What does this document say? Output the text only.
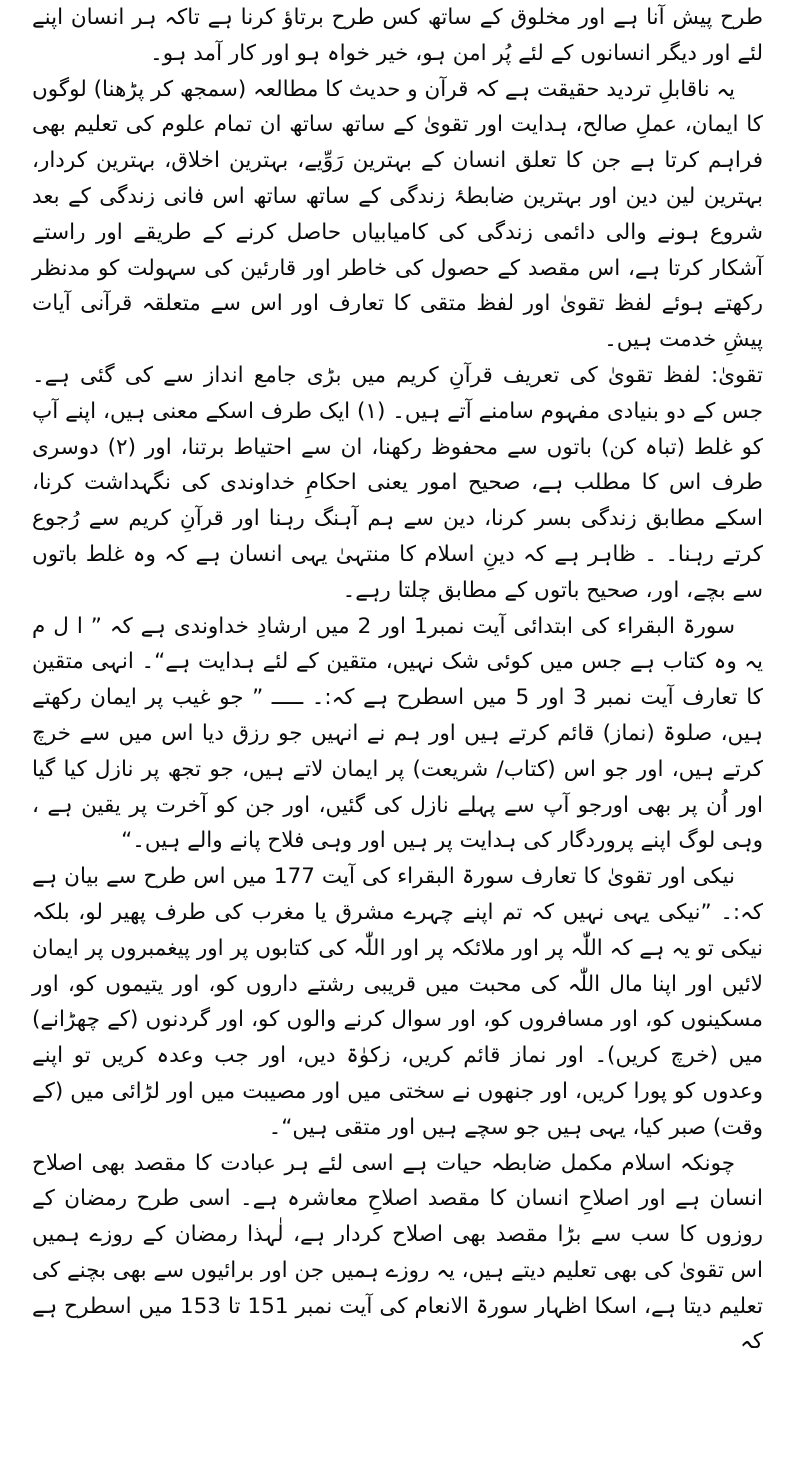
طرح پیش آنا ہے اور مخلوق کے ساتھ کس طرح برتاؤ کرنا ہے تاکہ ہر انسان اپنے لئے اور دیگر انسانوں کے لئے پُر امن ہو، خیر خواہ ہو اور کار آمد ہو۔

یہ ناقابلِ تردید حقیقت ہے کہ قرآن و حدیث کا مطالعہ (سمجھ کر پڑھنا) لوگوں کا ایمان، عملِ صالح، ہدایت اور تقویٰ کے ساتھ ساتھ ان تمام علوم کی تعلیم بھی فراہم کرتا ہے جن کا تعلق انسان کے بہترین رَوِّیے، بہترین اخلاق، بہترین کردار، بہترین لین دین اور بہترین ضابطۂ زندگی کے ساتھ ساتھ اس فانی زندگی کے بعد شروع ہونے والی دائمی زندگی کی کامیابیاں حاصل کرنے کے طریقے اور راستے آشکار کرتا ہے، اس مقصد کے حصول کی خاطر اور قارئین کی سہولت کو مدنظر رکھتے ہوئے لفظ تقویٰ اور لفظ متقی کا تعارف اور اس سے متعلقہ قرآنی آیات پیشِ خدمت ہیں۔

تقویٰ: لفظ تقویٰ کی تعریف قرآنِ کریم میں بڑی جامع انداز سے کی گئی ہے۔ جس کے دو بنیادی مفہوم سامنے آتے ہیں۔ (۱) ایک طرف اسکے معنی ہیں، اپنے آپ کو غلط (تباہ کن) باتوں سے محفوظ رکھنا، ان سے احتیاط برتنا، اور (۲) دوسری طرف اس کا مطلب ہے، صحیح امور یعنی احکامِ خداوندی کی نگہداشت کرنا، اسکے مطابق زندگی بسر کرنا، دین سے ہم آہنگ رہنا اور قرآنِ کریم سے رُجوع کرتے رہنا۔ ۔ ظاہر ہے کہ دینِ اسلام کا منتہیٰ یہی انسان ہے کہ وہ غلط باتوں سے بچے، اور، صحیح باتوں کے مطابق چلتا رہے۔

سورۃ البقراء کی ابتدائی آیت نمبر1 اور 2 میں ارشادِ خداوندی ہے کہ ” ا ل م یہ وہ کتاب ہے جس میں کوئی شک نہیں، متقین کے لئے ہدایت ہے“۔ انہی متقین کا تعارف آیت نمبر 3 اور 5 میں اسطرح ہے کہ:۔ ـــــ ” جو غیب پر ایمان رکھتے ہیں، صلوۃ (نماز) قائم کرتے ہیں اور ہم نے انہیں جو رزق دیا اس میں سے خرچ کرتے ہیں، اور جو اس (کتاب/ شریعت) پر ایمان لاتے ہیں، جو تجھ پر نازل کیا گیا اور اُن پر بھی اورجو آپ سے پہلے نازل کی گئیں، اور جن کو آخرت پر یقین ہے ، وہی لوگ اپنے پروردگار کی ہدایت پر ہیں اور وہی فلاح پانے والے ہیں۔“

نیکی اور تقویٰ کا تعارف سورۃ البقراء کی آیت 177 میں اس طرح سے بیان ہے کہ:۔ ”نیکی یہی نہیں کہ تم اپنے چہرے مشرق یا مغرب کی طرف پھیر لو، بلکہ نیکی تو یہ ہے کہ اللّٰہ پر اور ملائکہ پر اور اللّٰہ کی کتابوں پر اور پیغمبروں پر ایمان لائیں اور اپنا مال اللّٰہ کی محبت میں قریبی رشتے داروں کو، اور یتیموں کو، اور مسکینوں کو، اور مسافروں کو، اور سوال کرنے والوں کو، اور گردنوں (کے چھڑانے) میں (خرچ کریں)۔ اور نماز قائم کریں، زکوٰۃ دیں، اور جب وعدہ کریں تو اپنے وعدوں کو پورا کریں، اور جنھوں نے سختی میں اور مصیبت میں اور لڑائی میں (کے وقت) صبر کیا، یہی ہیں جو سچے ہیں اور متقی ہیں“۔

چونکہ اسلام مکمل ضابطہ حیات ہے اسی لئے ہر عبادت کا مقصد بھی اصلاح انسان ہے اور اصلاحِ انسان کا مقصد اصلاحِ معاشرہ ہے۔ اسی طرح رمضان کے روزوں کا سب سے بڑا مقصد بھی اصلاح کردار ہے، لٰہذا رمضان کے روزے ہمیں اس تقویٰ کی بھی تعلیم دیتے ہیں، یہ روزے ہمیں جن اور برائیوں سے بھی بچنے کی تعلیم دیتا ہے، اسکا اظہار سورۃ الانعام کی آیت نمبر 151 تا 153 میں اسطرح ہے کہ
